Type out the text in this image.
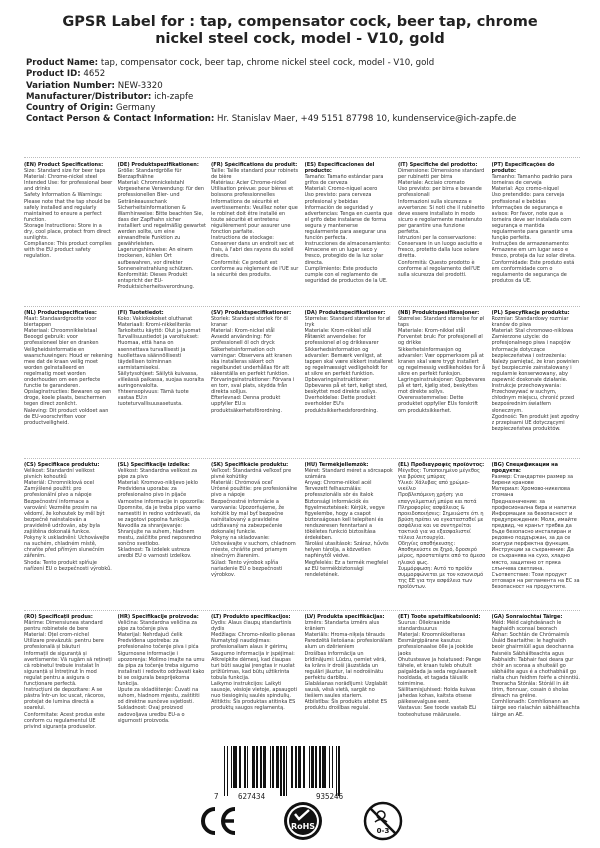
GPSR Label for : tap, compensator cock, beer tap, chrome nickel steel cock, model - V10, gold
Product Name: tap, compensator cock, beer tap, chrome nickel steel cock, model - V10, gold
Product ID: 4652
Variation Number: NEW-3320
Manufacturer/Distributor: ich-zapfe
Country of Origin: Germany
Contact Person & Contact Information: Hr. Stanislav Maer, +49 5151 87798 10, kundenservice@ich-zapfe.de
(EN) Product Specifications:

Size: Standard size for beer taps
Material: Chrome-nickel steel
Intended Use: for professional beer and drinks
Safety Information & Warnings: Please note that the tap should be safely installed and regularly maintained to ensure a perfect function.
Storage Instructions: Store in a dry, cool place, protect from direct sunlights.
Compliance: This product complies with the EU product safety regulation.

(DE) Produktspezifikationen:

Größe: Standardgröße für Bierzapfhähne
Material: Chromnickelstahl
Vorgesehene Verwendung: für den professionellen Bier- und Getränkeausschank
Sicherheitsinformationen & Warnhinweise: Bitte beachten Sie, dass der Zapfhahn sicher installiert und regelmäßig gewartet werden sollte, um eine einwandfreie Funktion zu gewährleisten.
Lagerungshinweise: An einem trockenen, kühlen Ort aufbewahren, vor direkter Sonneneinstrahlung schützen.
Konformität: Dieses Produkt entspricht der EU-Produktsicherheitsverordnung.

(FR) Spécifications du produit:

Taille: Taille standard pour robinets de bière
Matériau: Acier Chrome-nickel
Utilisation prévue: pour bières et boissons professionnelles
Informations de sécurité et avertissements: Veuillez noter que le robinet doit être installé en toute sécurité et entretenu régulièrement pour assurer une fonction parfaite.
Instructions de stockage: Conserver dans un endroit sec et frais, à l'abri des rayons du soleil directs.
Conformité: Ce produit est conforme au règlement de l'UE sur la sécurité des produits.

(ES) Especificaciones del producto:

Tamaño: Tamaño estándar para grifos de cerveza
Material: Cromo-níquel acero
Uso previsto: para cerveza profesional y bebidas
Información de seguridad y advertencias: Tenga en cuenta que el grifo debe instalarse de forma segura y mantenerse regularmente para asegurar una función perfecta.
Instrucciones de almacenamiento: Almacene en un lugar seco y fresco, protegido de la luz solar directa.
Cumplimiento: Este producto cumple con el reglamento de seguridad de productos de la UE.

(IT) Specifiche del prodotto:

Dimensione: Dimensione standard per rubinetti per birra
Materiale: Acciaio cromato
Uso previsto: per birra e bevande professionali
Informazioni sulla sicurezza e avvertenze: Si noti che il rubinetto deve essere installato in modo sicuro e regolarmente mantenuto per garantire una funzione perfetta.
Istruzioni per la conservazione: Conservare in un luogo asciutto e fresco, protetto dalla luce solare diretta.
Conformità: Questo prodotto è conforme al regolamento dell'UE sulla sicurezza dei prodotti.

(PT) Especificações do produto:

Tamanho: Tamanho padrão para torneiras de cerveja
Material: Aço cromo-níquel
Uso pretendido: para cerveja profissional e bebidas
Informações de segurança e avisos: Por favor, note que a torneira deve ser instalada com segurança e mantida regularmente para garantir uma função perfeita.
Instruções de armazenamento: Armazene em um lugar seco e fresco, proteja da luz solar direta.
Conformidade: Este produto está em conformidade com o regulamento de segurança de produtos da UE.

(NL) Productspecificaties:

Maat: Standaardgrootte voor biertappen
Materiaal: Chroomnikkelstaal
Beoogd gebruik: voor professioneel bier en dranken
Veiligheidsinformatie en waarschuwingen: Houd er rekening mee dat de kraan veilig moet worden geïnstalleerd en regelmatig moet worden onderhouden om een perfecte functie te garanderen.
Opslaginstructies: Bewaren op een droge, koele plaats, beschermen tegen direct zonlicht.
Naleving: Dit product voldoet aan de EU-voorschriften voor productveiligheid.

(FI) Tuotetiedot:

Koko: Vakiokokoiset oluthanat
Materiaali: Kromi-nikkeliteräs
Tarkoitettu käyttö: Olut ja juomat
Turvallisuustiedot ja varoitukset: Huomaa, että hana on asennettava turvallisesti ja huollettava säännöllisesti täydellisen toiminnan varmistamiseksi.
Säilytysohjeet: Säilytä kuivassa, viileässä paikassa, suojaa suoralta auringonvalolta.
Yhteensopivuus: Tämä tuote vastaa EU:n tuoteturvallisuusasetusta.

(SV) Produktspecifikationer:

Storlek: Standard storlek för öl kranar
Material: Krom-nickel stål
Avsedd användning: För professionell öl och dryck
Säkerhetsinformation och varningar: Observera att kranen ska installeras säkert och regelbundet underhållas för att säkerställa en perfekt funktion.
Förvaringsinstruktioner: Förvara i en torr, sval plats, skydda från direkta solljus.
Efterlevnad: Denna produkt uppfyller EU:s produktsäkerhetsförordning.

(DA) Produktspecifikationer:

Størrelse: Standard størrelse for øl tryk
Materiale: Krom-nikkel stål
Påtænkt anvendelse: for professionel øl og drikkevarer
Sikkerhedsinformation og advarsler: Bemærk venligst, at tappen skal være sikkert installeret og regelmæssigt vedligeholdt for at sikre en perfekt funktion.
Opbevaringsinstruktioner: Opbevares på et tørt, køligt sted, beskyttet mod direkte sollys.
Overholdelse: Dette produkt overholder EU's produktsikkerhedsforordning.

(NB) Produktspesifikasjoner:

Størrelse: Standard størrelse for øl taps
Materiale: Krom-nikkel stål
Forventet bruk: For profesjonell øl og drikke
Sikkerhetsinformasjon og advarsler: Vær oppmerksom på at kranen skal være trygt installert og regelmessig vedlikeholdes for å sikre en perfekt funksjon.
Lagringsinstruksjoner: Oppbevares på et tørt, kjølig sted, beskyttes mot direkte sollys.
Overensstemmelse: Dette produktet oppfyller EUs forskrift om produktsikkerhet.

(PL) Specyfikacje produktu:

Rozmiar: Standardowy rozmiar kranów do piwa
Materiał: Stal chromowo-niklowa
Zamierzone użycie: do profesjonalnego piwa i napojów
Informacje dotyczące bezpieczeństwa i ostrzeżenia: Należy pamiętać, że kran powinien być bezpiecznie zainstalowany i regularnie konserwowany, aby zapewnić doskonałe działanie.
Instrukcje przechowywania: Przechowywać w suchym, chłodnym miejscu, chronić przed bezpośrednim światłem słonecznym.
Zgodność: Ten produkt jest zgodny z przepisami UE dotyczącymi bezpieczeństwa produktów.

(CS) Specifikace produktu:

Velikost: Standardní velikost pivních kohoutků
Materiál: Chromniklová ocel
Zamýšlené použití: pro profesionální pivo a nápoje
Bezpečnostní informace a varování: Vezměte prosím na vědomí, že kohoutek by měl být bezpečně nainstalován a pravidelně udržován, aby byla zajištěna dokonalá funkce.
Pokyny k uskladnění: Uchovávejte na suchém, chladném místě, chraňte před přímým slunečním zářením.
Shoda: Tento produkt splňuje nařízení EU o bezpečnosti výrobků.

(SL) Specifikacije izdelka:

Velikost: Standardna velikost za pipe za pivo
Material: Kromovo-nikljevo jeklo
Predvidena uporaba: za profesionalno pivo in pijače
Varnostne informacije in opozorila: Opomnite, da je treba pipo varno namestiti in redno vzdrževati, da se zagotovi popolna funkcija.
Navodila za shranjevanje: Shranjujte na suhem, hladnem mestu, zaščitite pred neposredno sončno svetlobo.
Skladnost: Ta izdelek ustreza uredbi EU o varnosti izdelkov.

(SK) Špecifikácie produktu:

Veľkosť: Štandardná veľkosť pre pivné kohútiky
Materiál: Chrómová oceľ
Určené použitie: pre profesionálne pivo a nápoje
Bezpečnostné informácie a varovania: Upozorňujeme, že kohútik by mal byť bezpečne nainštalovaný a pravidelne udržiavaný na zabezpečenie dokonalej funkcie.
Pokyny na skladovanie: Uchovávajte v suchom, chladnom mieste, chráňte pred priamym slnečným žiarením.
Súlad: Tento výrobok spĺňa nariadenie EÚ o bezpečnosti výrobkov.

(HU) Termékjellemzők:

Méret: Standard méret a sörcsapok számára
Anyag: Chrome-nikkel acél
Tervezett felhasználás: professzionális sör és italok
Biztonsági információk és figyelmeztetések: Kérjük, vegye figyelembe, hogy a csapot biztonságosan kell telepíteni és rendszeresen fenntartani a tökéletes funkció biztosítása érdekében.
Tárolási utasítások: Száraz, hűvös helyen tárolja, a közvetlen napfénytől védve.
Megfelelés: Ez a termék megfelel az EU termékbiztonsági rendeletének.

(EL) Προδιαγραφές προϊόντος:

Μέγεθος: Τυποποιημένο μέγεθος για βρύσες μπύρας
Υλικό: Χάλυβας από χρώμιο-νικέλιο
Προβλεπόμενη χρήση: για επαγγελματική μπύρα και ποτά
Πληροφορίες ασφάλειας & προειδοποιήσεις: Σημειώστε ότι η βρύση πρέπει να εγκατασταθεί με ασφάλεια και να συντηρείται τακτικά για να εξασφαλιστεί τέλεια λειτουργία.
Οδηγίες αποθήκευσης: Αποθηκεύστε σε ξηρό, δροσερό μέρος, προστατέψτε από το άμεσο ηλιακό φως.
Συμμόρφωση: Αυτό το προϊόν συμμορφώνεται με τον κανονισμό της ΕΕ για την ασφάλεια των προϊόντων.

(BG) Спецификации на продукта:

Размер: Стандартен размер за бирени кранове
Материал: Хромово-никелова стомана
Предназначение: за професионална бира и напитки
Информация за безопасност и предупреждения: Моля, имайте предвид, че кранът трябва да бъде безопасно инсталиран и редовно поддържан, за да се осигури перфектна функция.
Инструкции за съхранение: Да се съхранява на сухо, хладно място, защитено от пряка слънчева светлина.
Съответствие: Този продукт отговаря на регламента на ЕС за безопасност на продуктите.

(RO) Specificații produs:

Mărime: Dimensiunea standard pentru robinetele de bere
Material: Oțel crom-nichel
Utilizare prevăzută: pentru bere profesională și băuturi
Informații de siguranță și avertismente: Vă rugăm să rețineți că robinetul trebuie instalat în siguranță și întreținut în mod regulat pentru a asigura o funcționare perfectă.
Instrucțiuni de depozitare: A se păstra într-un loc uscat, răcoros, protejat de lumina directă a soarelui.
Conformitate: Acest produs este conform cu regulamentul UE privind siguranța produselor.

(HR) Specifikacije proizvoda:

Veličina: Standardna veličina za pipe za točenje piva
Materijal: Nehrđajući čelik
Predviđena upotreba: za profesionalno točenje piva i pića
Sigurnosne informacije i upozorenja: Molimo imajte na umu da pipa za točenje treba sigurno instalirati i redovito održavati kako bi se osigurala besprijekorna funkcija.
Upute za skladištenje: Čuvati na suhom, hladnom mjestu, zaštititi od direktne sunčeve svjetlosti.
Sukladnost: Ovaj proizvod zadovoljava uredbu EU-a o sigurnosti proizvoda.

(LT) Produkto specifikacijos:

Dydis: Alaus čiaupų standartinis dydis
Medžiaga: Chromo-nikelio plienas
Numatytoji naudojimas: profesionaliam alaus ir gėrimų
Saugumo informacija ir įspėjimai: Atkreipkite dėmesį, kad čiaupas turi būti saugiai įrengtas ir nuolat prižiūrimas, kad būtų užtikrinta tobula funkcija.
Laikymo instrukcijos: Laikyti sausoje, vėsioje vietoje, apsaugoti nuo tiesioginių saulės spindulių.
Atitiktis: Šis produktas atitinka ES produktų saugos reglamentą.

(LV) Produkta specifikācijas:

Izmērs: Standarta izmērs alus krāniem
Materiāls: Hroma-niķeļa tērauds
Paredzētā lietošana: profesionālam alum un dzērieniem
Drošības informācija un brīdinājumi: Lūdzu, ņemiet vērā, ka krāns ir droši jāuzstāda un regulāri jāuztur, lai nodrošinātu perfektu darbību.
Glabāšanas norādījumi: Uzglabāt sausā, vēsā vietā, sargāt no tiešiem saules stariem.
Atbilstība: Šis produkts atbilst ES produktu drošības regulai.

(ET) Toote spetsifikatsioonid:

Suurus: Õllekraanide standardsuurus
Materjal: Kroomnikkelteras
Eesmärgipärane kasutus: professionaalse õlle ja jookide jaoks
Ohutusteave ja hoiatused: Pange tähele, et kraan tuleb ohutult paigaldada ja seda regulaarselt hooldada, et tagada täiuslik toimimine.
Säilitamisjuhised: Hoida kuivas jahedas kohas, kaitsta otsese päikesevalguse eest.
Vastavus: See toode vastab ELi tooteohutuse määrusele.

(GA) Sonraíochtaí Táirge:

Méid: Méid caighdeánach le haghaidh sconsaí beorach
Ábhar: Sochtán de Chrómaimís
Úsáid Beartaithe: le haghaidh beoir ghairmiúil agus deochanna
Faisnéis Sábháilteachta agus Rabhaidh: Tabhair faoi deara gur chóir an sconsa a shuiteáil go sábháilte agus é a chothabháil go rialta chun feidhm foirfe a chinntiú.
Treoracha Stórála: Stóráil in áit tirim, fionnuar, cosain ó sholas díreach na gréine.
Comhlíonadh: Comhlíonann an táirge seo rialachán sábháilteachta táirge an AE.

7	627434	935246
RoHS	0-3
